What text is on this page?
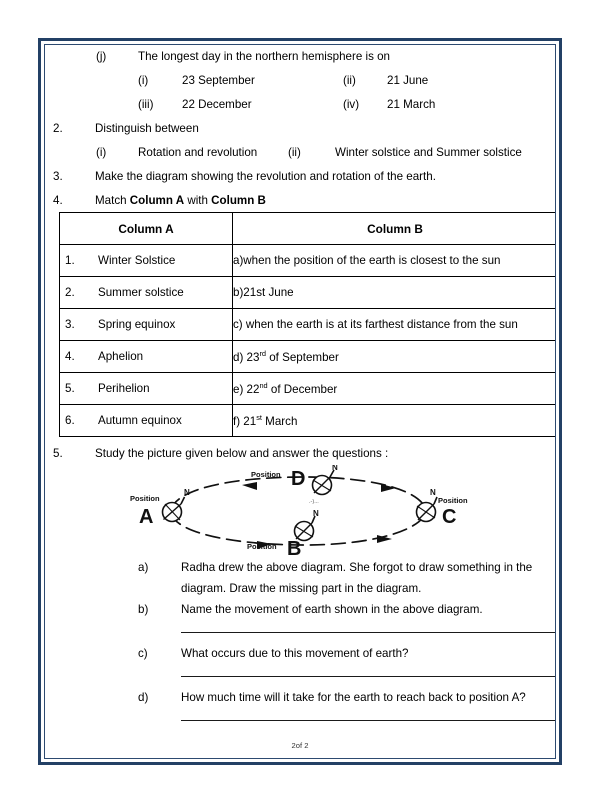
(j)	The longest day in the northern hemisphere is on
(i)	23 September	(ii)	21 June
(iii)	22 December	(iv)	21 March
2.	Distinguish between
(i)	Rotation and revolution	(ii)	Winter solstice and Summer solstice
3.	Make the diagram showing the revolution and rotation of the earth.
4.	Match Column A with Column B
Column A	Column B
1. Winter Solstice	a)when the position of the earth is closest to the sun
2. Summer solstice	b)21st June
3. Spring equinox	c) when the earth is at its farthest distance from the sun
4. Aphelion	d) 23rd of September
5. Perihelion	e) 22nd of December
6. Autumn equinox	f) 21st March
5.	Study the picture given below and answer the questions :
N
Position
A
N
Position D
.-)...
N
Position
C
N
Position B
a)	Radha drew the above diagram. She forgot to draw something in the
diagram. Draw the missing part in the diagram.
b)	Name the movement of earth shown in the above diagram.
c)	What occurs due to this movement of earth?
d)	How much time will it take for the earth to reach back to position A?
2of 2
